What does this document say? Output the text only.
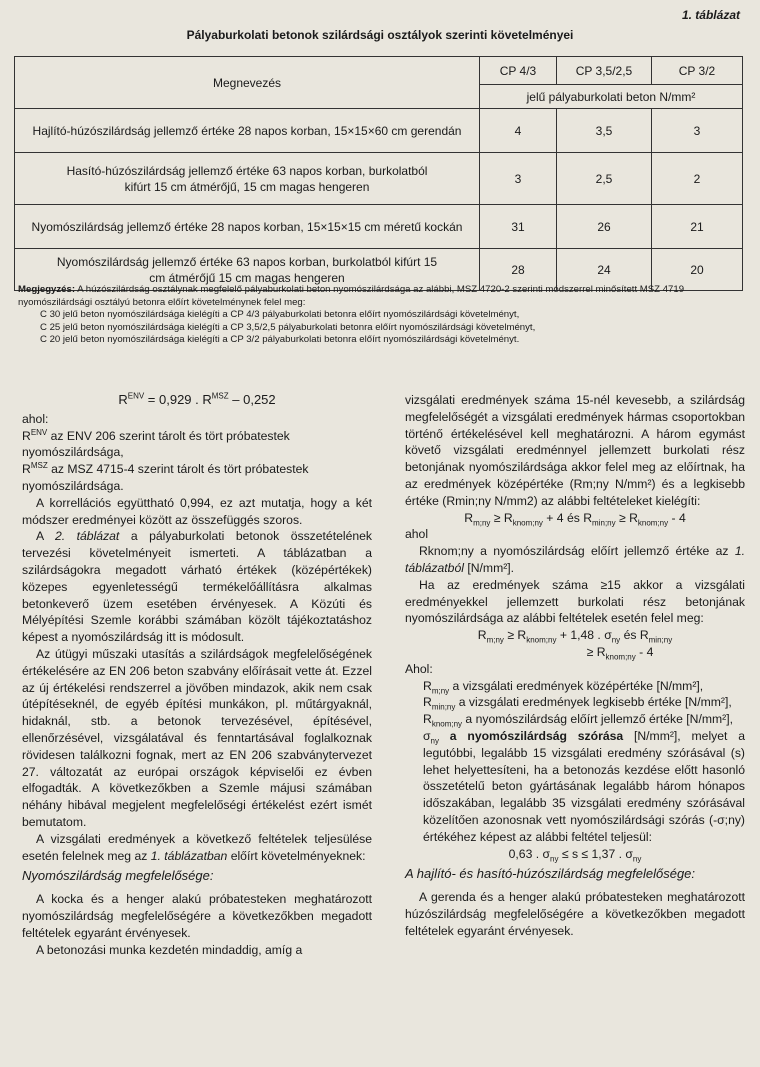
1. táblázat
Pályaburkolati betonok szilárdsági osztályok szerinti követelményei
Megnevezés	CP 4/3	CP 3,5/2,5	CP 3/2
	jelű pályaburkolati beton N/mm²		
Hajlító-húzószilárdság jellemző értéke 28 napos korban, 15×15×60 cm gerendán	4	3,5	3
Hasító-húzószilárdság jellemző értéke 63 napos korban, burkolatból kifúrt 15 cm átmérőjű, 15 cm magas hengeren	3	2,5	2
Nyomószilárdság jellemző értéke 28 napos korban, 15×15×15 cm méretű kockán	31	26	21
Nyomószilárdság jellemző értéke 63 napos korban, burkolatból kifúrt 15 cm átmérőjű 15 cm magas hengeren	28	24	20
Megjegyzés: A húzószilárdság osztálynak megfelelő pályaburkolati beton nyomószilárdsága az alábbi, MSZ 4720-2 szerinti módszerrel minősített MSZ 4719 nyomószilárdsági osztályú betonra előírt követelménynek felel meg:
C 30 jelű beton nyomószilárdsága kielégíti a CP 4/3 pályaburkolati betonra előírt nyomószilárdsági követelményt,
C 25 jelű beton nyomószilárdsága kielégíti a CP 3,5/2,5 pályaburkolati betonra előírt nyomószilárdsági követelményt,
C 20 jelű beton nyomószilárdsága kielégíti a CP 3/2 pályaburkolati betonra előírt nyomószilárdsági követelményt.

$R^{ENV} = 0,929$ . $R^{MSZ} - 0,252$

ahol:

$R^{ENV}$ az ENV 206 szerint tárolt és tört próbatestek nyomószilárdsága,

$R^{MSZ}$ az MSZ 4715-4 szerint tárolt és tört próbatestek nyomószilárdsága.

A korrellációs együttható 0,994, ez azt mutatja, hogy a két módszer eredményei között az összefüggés szoros.

A 2. táblázat a pályaburkolati betonok összetételének tervezési követelményeit ismerteti. A táblázatban a szilárdságokra megadott várható értékek (középértékek) közepes egyenletességű termékelőállításra alkalmas betonkeverő üzem esetében érvényesek. A Közúti és Mélyépítési Szemle korábbi számában közölt tájékoztatáshoz képest a nyomószilárdság itt is módosult.

Az útügyi műszaki utasítás a szilárdságok megfelelőségének értékelésére az EN 206 beton szabvány előírásait vette át. Ezzel az új értékelési rendszerrel a jövőben mindazok, akik nem csak útépítéseknél, de egyéb építési munkákon, pl. műtárgyaknál, hidaknál, stb. a betonok tervezésével, építésével, ellenőrzésével, vizsgálatával és fenntartásával foglalkoznak rövidesen találkozni fognak, mert az EN 206 szabványtervezet 27. változatát az európai országok képviselői ez évben elfogadták. A következőkben a Szemle májusi számában néhány hibával megjelent megfelelőségi értékelést ezért ismét bemutatom.

A vizsgálati eredmények a következő feltételek teljesülése esetén felelnek meg az 1. táblázatban előírt követelményeknek:

Nyomószilárdság megfelelősége:

A kocka és a henger alakú próbatesteken meghatározott nyomószilárdság megfelelőségére a következőkben megadott feltételek egyaránt érvényesek.

A betonozási munka kezdetén mindaddig, amíg a

vizsgálati eredmények száma 15-nél kevesebb, a szilárdság megfelelőségét a vizsgálati eredmények hármas csoportokban történő értékelésével kell meghatározni. A három egymást követő vizsgálati eredménnyel jellemzett burkolati rész betonjának nyomószilárdsága akkor felel meg az előírtnak, ha az eredmények középértéke (Rm;ny N/mm²) és a legkisebb értéke (Rmin;ny N/mm2) az alábbi feltételeket kielégíti:

$R_{m;ny} \ge R_{knom;ny} + 4$ és $R_{min;ny} \ge R_{knom;ny} - 4$

ahol

Rknom;ny a nyomószilárdság előírt jellemző értéke az 1. táblázatból [N/mm²].

Ha az eredmények száma ≥15 akkor a vizsgálati eredményekkel jellemzett burkolati rész betonjának nyomószilárdsága az alábbi feltételek esetén felel meg:

$R_{m;ny} \ge R_{knom;ny} + 1,48$ . $\sigma_{ny}$ és $R_{min;ny}$

≥ $R_{knom;ny} - 4$

Ahol:

$R_{m;ny}$ a vizsgálati eredmények középértéke [N/mm²],

$R_{min;ny}$ a vizsgálati eredmények legkisebb értéke [N/mm²],

$R_{knom;ny}$ a nyomószilárdság előírt jellemző értéke [N/mm²],

$\sigma_{ny}$ a nyomószilárdság szórása [N/mm²], melyet a legutóbbi, legalább 15 vizsgálati eredmény szórásával (s) lehet helyettesíteni, ha a betonozás kezdése előtt hasonló összetételű beton gyártásának legalább három hónapos időszakában, legalább 35 vizsgálati eredmény szórásával közelítően azonosnak vett nyomószilárdsági szórás (-σ;ny) értékéhez képest az alábbi feltétel teljesül:

0,63 . $\sigma_{ny} \le s \le 1,37$ . $\sigma_{ny}$

A hajlító- és hasító-húzószilárdság megfelelősége:

A gerenda és a henger alakú próbatesteken meghatározott húzószilárdság megfelelőségére a következőkben megadott feltételek egyaránt érvényesek.
